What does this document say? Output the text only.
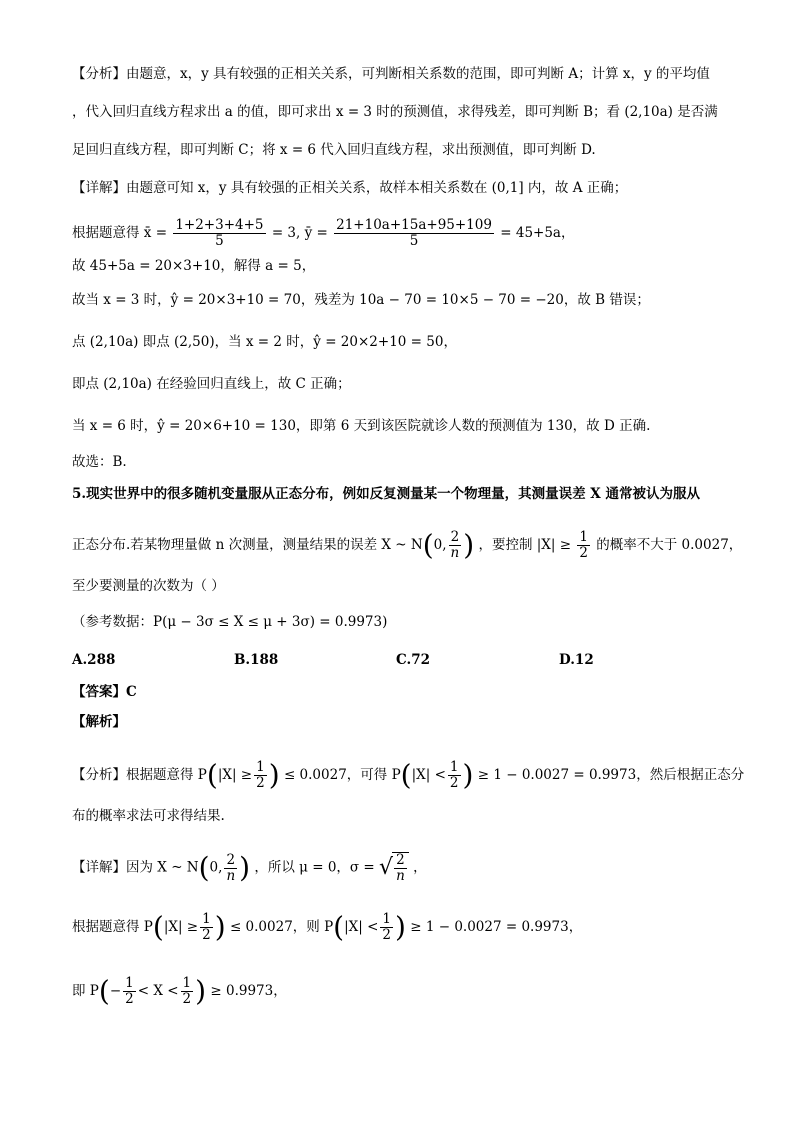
【分析】由题意，x，y 具有较强的正相关关系，可判断相关系数的范围，即可判断 A；计算 x，y 的平均值
，代入回归直线方程求出 a 的值，即可求出 x = 3 时的预测值，求得残差，即可判断 B；看 (2,10a) 是否满
足回归直线方程，即可判断 C；将 x = 6 代入回归直线方程，求出预测值，即可判断 D.
【详解】由题意可知 x，y 具有较强的正相关关系，故样本相关系数在 (0,1] 内，故 A 正确；
根据题意得 x̄ = $\frac{1+2+3+4+5}{5} = 3$, ȳ = $\frac{21+10a+15a+95+109}{5} = 45+5a$，
故 45+5a = 20×3+10，解得 a = 5，
故当 x = 3 时，ŷ = 20×3+10 = 70，残差为 10a − 70 = 10×5 − 70 = −20，故 B 错误；
点 (2,10a) 即点 (2,50)，当 x = 2 时，ŷ = 20×2+10 = 50，
即点 (2,10a) 在经验回归直线上，故 C 正确；
当 x = 6 时，ŷ = 20×6+10 = 130，即第 6 天到该医院就诊人数的预测值为 130，故 D 正确.
故选：B.
5.现实世界中的很多随机变量服从正态分布，例如反复测量某一个物理量，其测量误差 X 通常被认为服从
正态分布.若某物理量做 n 次测量，测量结果的误差 X ~ N(0, $\frac{2}{n}$ ) ，要控制 $|X| \ge \frac{1}{2}$ 的概率不大于 0.0027，
至少要测量的次数为（ ）
（参考数据：P(μ − 3σ ≤ X ≤ μ + 3σ) = 0.9973)
A.288	B.188	C.72	D.12
【答案】C
【解析】
【分析】根据题意得 $P(|X| \ge \frac{1}{2}$ ) ≤ 0.0027，可得 $P(|X| < \frac{1}{2}$ ) ≥ 1 − 0.0027 = 0.9973，然后根据正态分
布的概率求法可求得结果.
【详解】因为 X ~ N(0, $\frac{2}{n}$ ) ，所以 μ = 0，σ = √ $\frac{2}{n}$ ，
根据题意得 $P(|X| \ge \frac{1}{2}$ ) ≤ 0.0027，则 $P(|X| < \frac{1}{2}$ ) ≥ 1 − 0.0027 = 0.9973，
即 $P(- \frac{1}{2} < X < \frac{1}{2}$ ) ≥ 0.9973，
